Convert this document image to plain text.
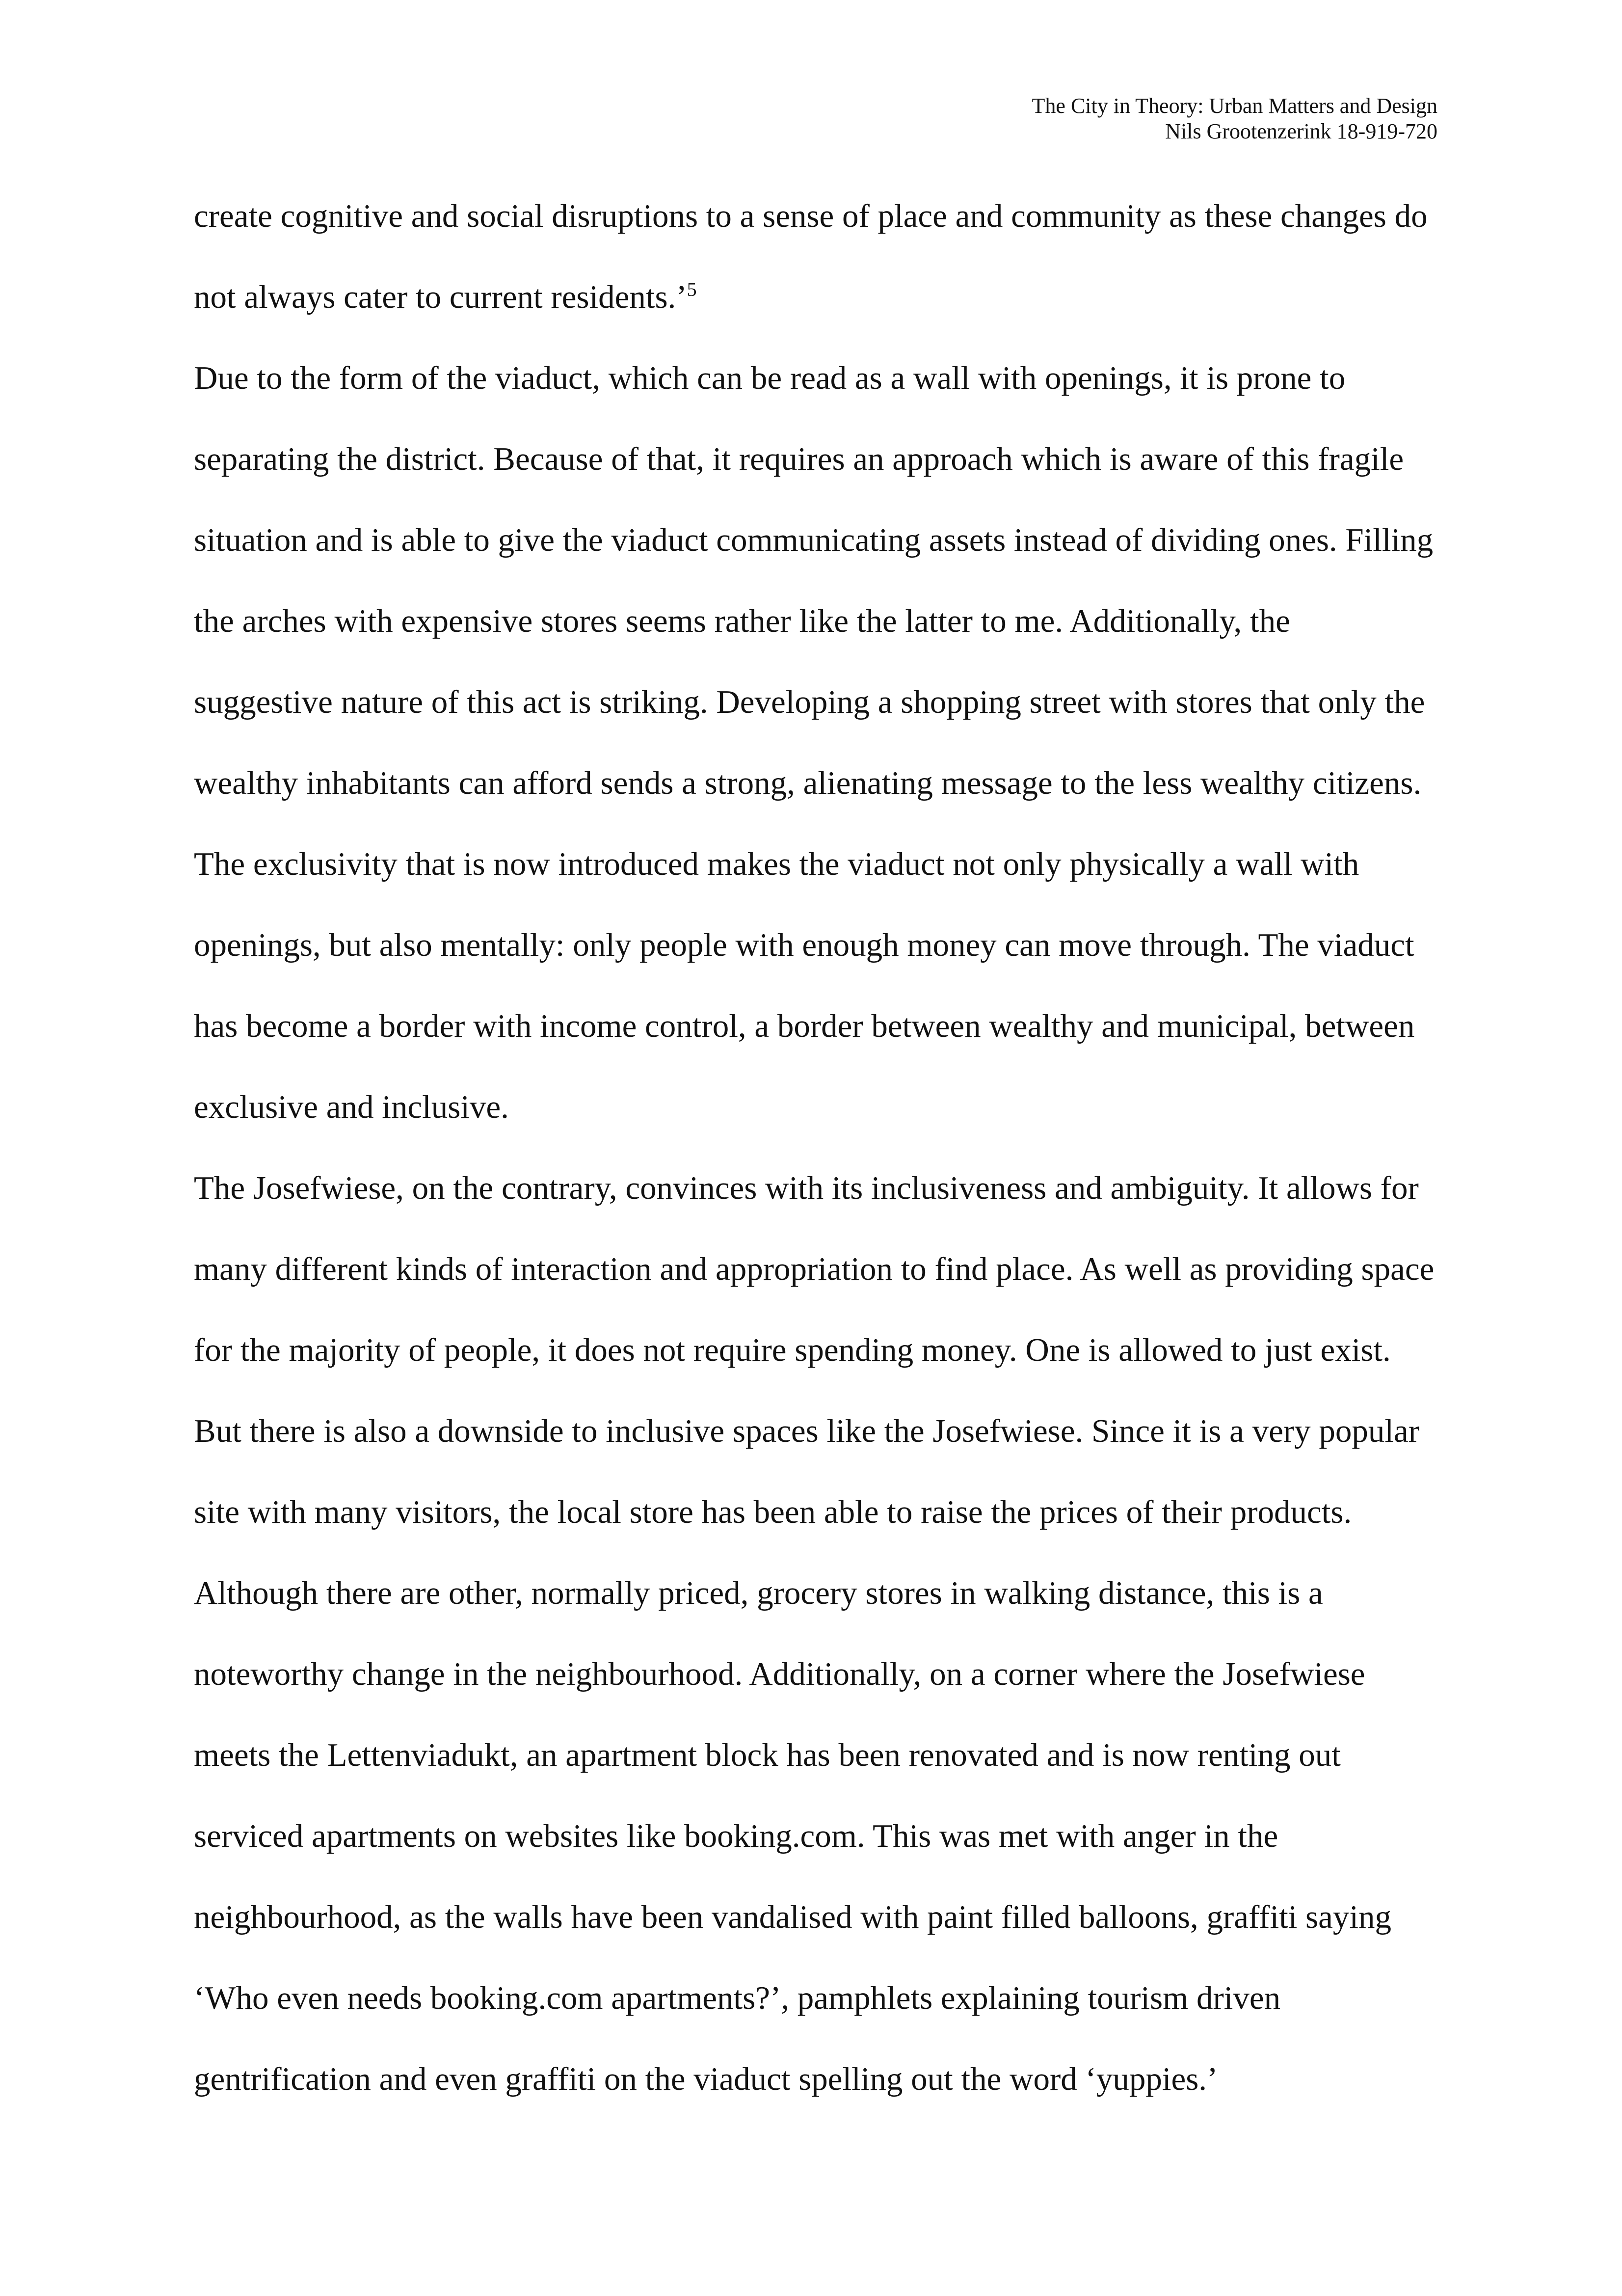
The City in Theory: Urban Matters and Design
Nils Grootenzerink 18-919-720
create cognitive and social disruptions to a sense of place and community as these changes do
not always cater to current residents.’$^5$
Due to the form of the viaduct, which can be read as a wall with openings, it is prone to
separating the district. Because of that, it requires an approach which is aware of this fragile
situation and is able to give the viaduct communicating assets instead of dividing ones. Filling
the arches with expensive stores seems rather like the latter to me. Additionally, the
suggestive nature of this act is striking. Developing a shopping street with stores that only the
wealthy inhabitants can afford sends a strong, alienating message to the less wealthy citizens.
The exclusivity that is now introduced makes the viaduct not only physically a wall with
openings, but also mentally: only people with enough money can move through. The viaduct
has become a border with income control, a border between wealthy and municipal, between
exclusive and inclusive.
The Josefwiese, on the contrary, convinces with its inclusiveness and ambiguity. It allows for
many different kinds of interaction and appropriation to find place. As well as providing space
for the majority of people, it does not require spending money. One is allowed to just exist.
But there is also a downside to inclusive spaces like the Josefwiese. Since it is a very popular
site with many visitors, the local store has been able to raise the prices of their products.
Although there are other, normally priced, grocery stores in walking distance, this is a
noteworthy change in the neighbourhood. Additionally, on a corner where the Josefwiese
meets the Lettenviadukt, an apartment block has been renovated and is now renting out
serviced apartments on websites like booking.com. This was met with anger in the
neighbourhood, as the walls have been vandalised with paint filled balloons, graffiti saying
‘Who even needs booking.com apartments?’, pamphlets explaining tourism driven
gentrification and even graffiti on the viaduct spelling out the word ‘yuppies.’
